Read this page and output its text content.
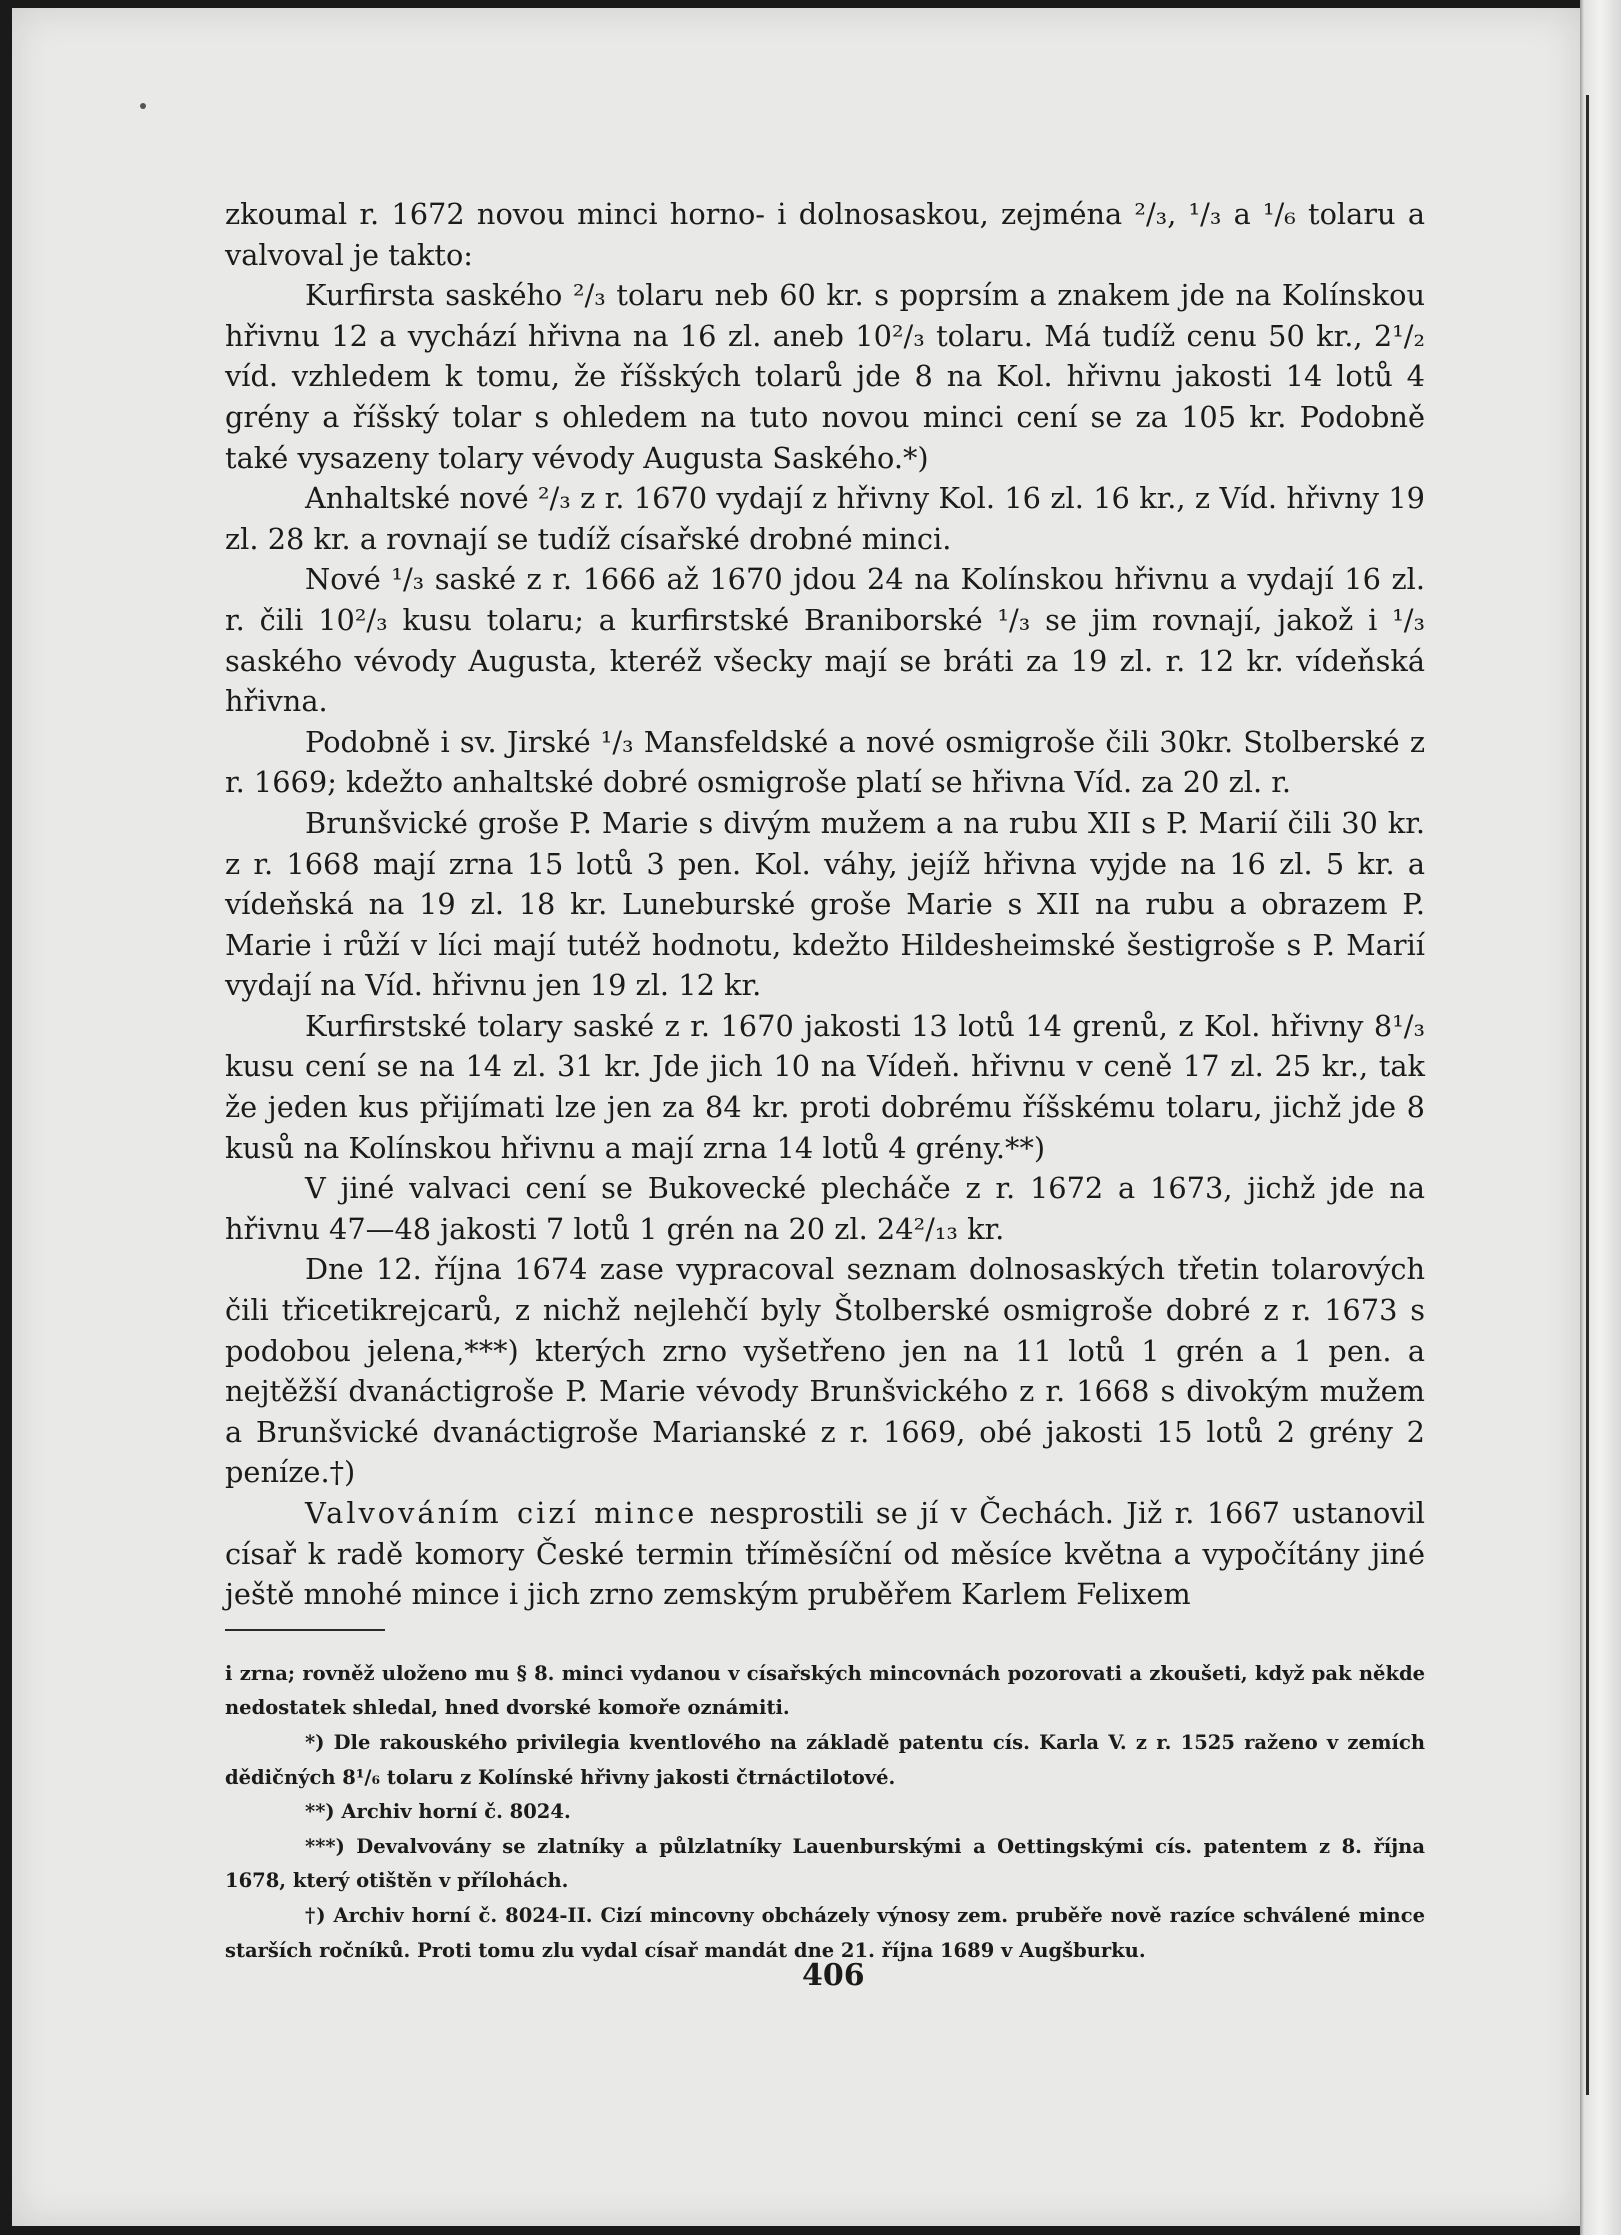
zkoumal r. 1672 novou minci horno- i dolnosaskou, zejména ²/₃, ¹/₃ a ¹/₆ tolaru a valvoval je takto:

Kurfirsta saského ²/₃ tolaru neb 60 kr. s poprsím a znakem jde na Kolínskou hřivnu 12 a vychází hřivna na 16 zl. aneb 10²/₃ tolaru. Má tudíž cenu 50 kr., 2¹/₂ víd. vzhledem k tomu, že říšských tolarů jde 8 na Kol. hřivnu jakosti 14 lotů 4 grény a říšský tolar s ohledem na tuto novou minci cení se za 105 kr. Podobně také vysazeny tolary vévody Augusta Saského.*)

Anhaltské nové ²/₃ z r. 1670 vydají z hřivny Kol. 16 zl. 16 kr., z Víd. hřivny 19 zl. 28 kr. a rovnají se tudíž císařské drobné minci.

Nové ¹/₃ saské z r. 1666 až 1670 jdou 24 na Kolínskou hřivnu a vydají 16 zl. r. čili 10²/₃ kusu tolaru; a kurfirstské Braniborské ¹/₃ se jim rovnají, jakož i ¹/₃ saského vévody Augusta, kteréž všecky mají se bráti za 19 zl. r. 12 kr. vídeňská hřivna.

Podobně i sv. Jirské ¹/₃ Mansfeldské a nové osmigroše čili 30kr. Stolberské z r. 1669; kdežto anhaltské dobré osmigroše platí se hřivna Víd. za 20 zl. r.

Brunšvické groše P. Marie s divým mužem a na rubu XII s P. Marií čili 30 kr. z r. 1668 mají zrna 15 lotů 3 pen. Kol. váhy, jejíž hřivna vyjde na 16 zl. 5 kr. a vídeňská na 19 zl. 18 kr. Luneburské groše Marie s XII na rubu a obrazem P. Marie i růží v líci mají tutéž hodnotu, kdežto Hildesheimské šestigroše s P. Marií vydají na Víd. hřivnu jen 19 zl. 12 kr.

Kurfirstské tolary saské z r. 1670 jakosti 13 lotů 14 grenů, z Kol. hřivny 8¹/₃ kusu cení se na 14 zl. 31 kr. Jde jich 10 na Vídeň. hřivnu v ceně 17 zl. 25 kr., tak že jeden kus přijímati lze jen za 84 kr. proti dobrému říšskému tolaru, jichž jde 8 kusů na Kolínskou hřivnu a mají zrna 14 lotů 4 grény.**)

V jiné valvaci cení se Bukovecké plecháče z r. 1672 a 1673, jichž jde na hřivnu 47—48 jakosti 7 lotů 1 grén na 20 zl. 24²/₁₃ kr.

Dne 12. října 1674 zase vypracoval seznam dolnosaských třetin tolarových čili třicetikrejcarů, z nichž nejlehčí byly Štolberské osmigroše dobré z r. 1673 s podobou jelena,***) kterých zrno vyšetřeno jen na 11 lotů 1 grén a 1 pen. a nejtěžší dvanáctigroše P. Marie vévody Brunšvického z r. 1668 s divokým mužem a Brunšvické dvanáctigroše Marianské z r. 1669, obé jakosti 15 lotů 2 grény 2 peníze.†)

Valvováním cizí mince nesprostili se jí v Čechách. Již r. 1667 ustanovil císař k radě komory České termin tříměsíční od měsíce května a vypočítány jiné ještě mnohé mince i jich zrno zemským pruběřem Karlem Felixem

i zrna; rovněž uloženo mu § 8. minci vydanou v císařských mincovnách pozorovati a zkoušeti, když pak někde nedostatek shledal, hned dvorské komoře oznámiti.

*) Dle rakouského privilegia kventlového na základě patentu cís. Karla V. z r. 1525 raženo v zemích dědičných 8¹/₆ tolaru z Kolínské hřivny jakosti čtrnáctilotové.

**) Archiv horní č. 8024.

***) Devalvovány se zlatníky a půlzlatníky Lauenburskými a Oettingskými cís. patentem z 8. října 1678, který otištěn v přílohách.

†) Archiv horní č. 8024-II. Cizí mincovny obcházely výnosy zem. pruběře nově razíce schválené mince starších ročníků. Proti tomu zlu vydal císař mandát dne 21. října 1689 v Augšburku.

406
